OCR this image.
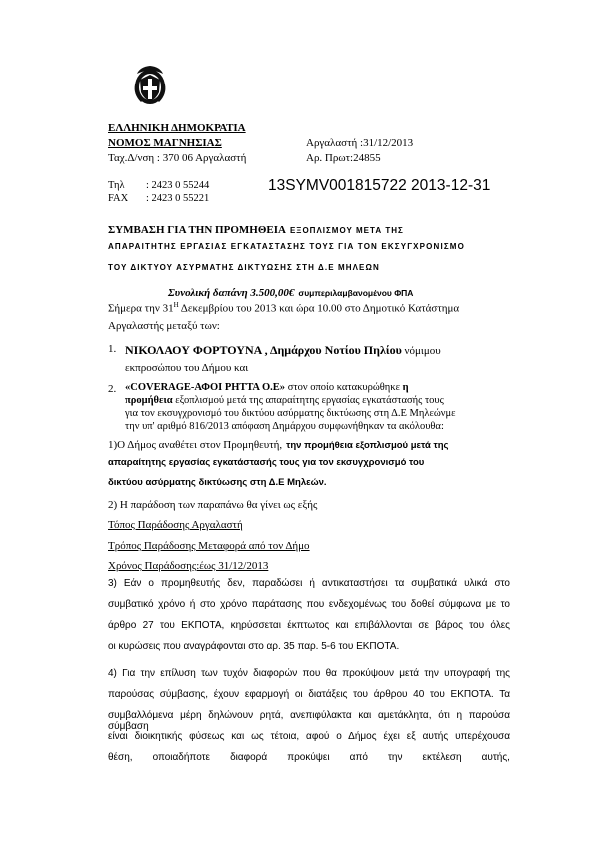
ΕΛΛΗΝΙΚΗ ΔΗΜΟΚΡΑΤΙΑ
ΝΟΜΟΣ ΜΑΓΝΗΣΙΑΣ
Ταχ.Δ/νση : 370 06 Αργαλαστή
Αργαλαστή :31/12/2013
Αρ. Πρωτ:24855
Τηλ : 2423 0 55244
FAX : 2423 0 55221
13SYMV001815722 2013-12-31
ΣΥΜΒΑΣΗ ΓΙΑ ΤΗΝ ΠΡΟΜΗΘΕΙΑ ΕΞΟΠΛΙΣΜΟΥ ΜΕΤΑ ΤΗΣ
ΑΠΑΡΑΙΤΗΤΗΣ ΕΡΓΑΣΙΑΣ ΕΓΚΑΤΑΣΤΑΣΗΣ ΤΟΥΣ ΓΙΑ ΤΟΝ ΕΚΣΥΓΧΡΟΝΙΣΜΟ
ΤΟΥ ΔΙΚΤΥΟΥ ΑΣΥΡΜΑΤΗΣ ΔΙΚΤΥΩΣΗΣ ΣΤΗ Δ.Ε ΜΗΛΕΩΝ
Συνολική δαπάνη 3.500,00€ συμπεριλαμβανομένου ΦΠΑ
Σήμερα την $31^H$ Δεκεμβρίου του 2013 και ώρα 10.00 στο Δημοτικό Κατάστημα
Αργαλαστής μεταξύ των:
1. ΝΙΚΟΛΑΟΥ ΦΟΡΤΟΥΝΑ , Δημάρχου Νοτίου Πηλίου νόμιμου
εκπροσώπου του Δήμου και
2. «COVERAGE-ΑΦΟΙ ΡΗΤΤΑ Ο.Ε» στον οποίο κατακυρώθηκε η
προμήθεια εξοπλισμού μετά της απαραίτητης εργασίας εγκατάστασής τους
για τον εκσυγχρονισμό του δικτύου ασύρματης δικτύωσης στη Δ.Ε Μηλεώνμε
την υπ' αριθμό 816/2013 απόφαση Δημάρχου συμφωνήθηκαν τα ακόλουθα:
1)Ο Δήμος αναθέτει στον Προμηθευτή, την προμήθεια εξοπλισμού μετά της
απαραίτητης εργασίας εγκατάστασής τους για τον εκσυγχρονισμό του
δικτύου ασύρματης δικτύωσης στη Δ.Ε Μηλεών.
2) Η παράδοση των παραπάνω θα γίνει ως εξής
Τόπος Παράδοσης Αργαλαστή
Τρόπος Παράδοσης Μεταφορά από τον Δήμο
Χρόνος Παράδοσης:έως 31/12/2013
3) Εάν ο προμηθευτής δεν, παραδώσει ή αντικαταστήσει τα συμβατικά υλικά στο
συμβατικό χρόνο ή στο χρόνο παράτασης που ενδεχομένως του δοθεί σύμφωνα με το
άρθρο 27 του ΕΚΠΟΤΑ, κηρύσσεται έκπτωτος και επιβάλλονται σε βάρος του όλες
οι κυρώσεις που αναγράφονται στο αρ. 35 παρ. 5-6 του ΕΚΠΟΤΑ.
4) Για την επίλυση των τυχόν διαφορών που θα προκύψουν μετά την υπογραφή της
παρούσας σύμβασης, έχουν εφαρμογή οι διατάξεις του άρθρου 40 του ΕΚΠΟΤΑ. Τα
συμβαλλόμενα μέρη δηλώνουν ρητά, ανεπιφύλακτα και αμετάκλητα, ότι η παρούσα σύμβαση
είναι διοικητικής φύσεως και ως τέτοια, αφού ο Δήμος έχει εξ αυτής υπερέχουσα
θέση, οποιαδήποτε διαφορά προκύψει από την εκτέλεση αυτής,
